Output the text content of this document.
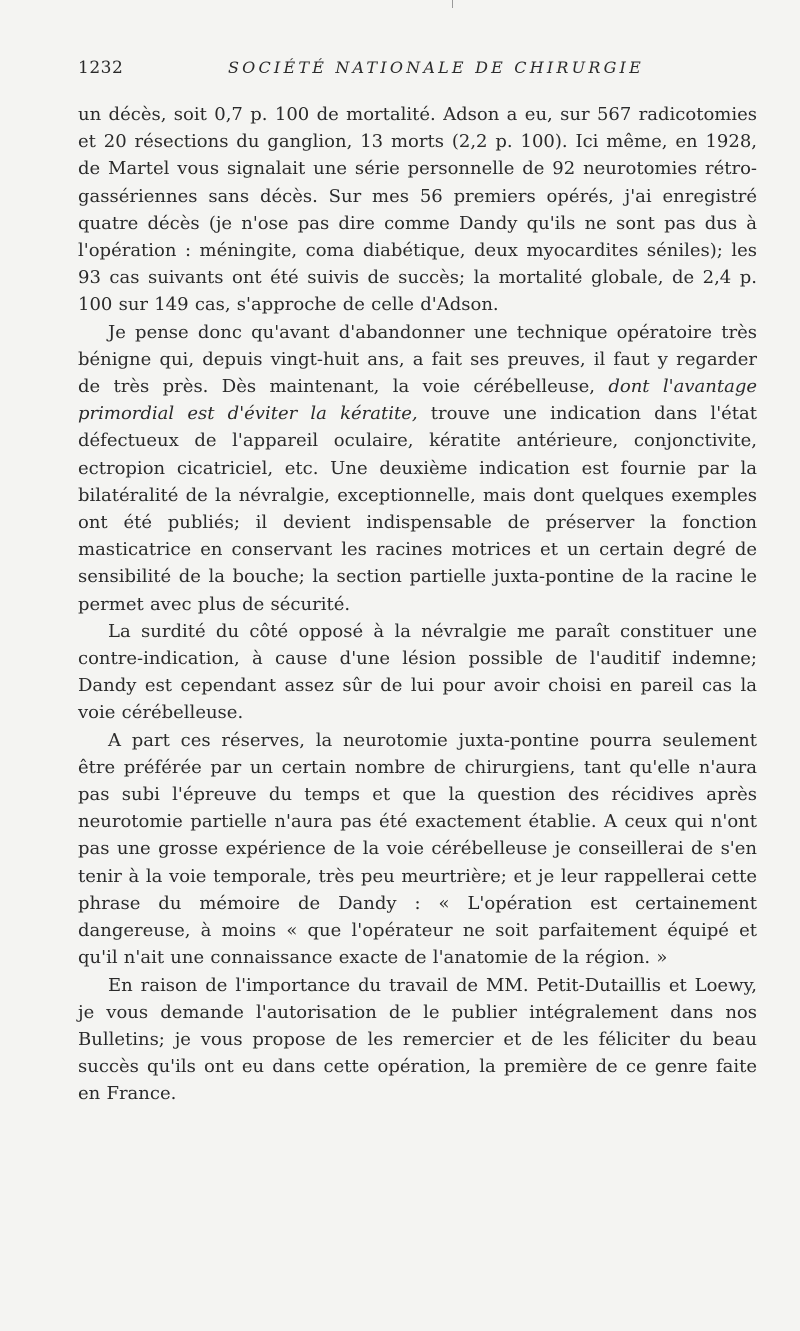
1232	SOCIÉTÉ NATIONALE DE CHIRURGIE

un décès, soit 0,7 p. 100 de mortalité. Adson a eu, sur 567 radicotomies et 20 résections du ganglion, 13 morts (2,2 p. 100). Ici même, en 1928, de Martel vous signalait une série personnelle de 92 neurotomies rétro-gassériennes sans décès. Sur mes 56 premiers opérés, j'ai enregistré quatre décès (je n'ose pas dire comme Dandy qu'ils ne sont pas dus à l'opération : méningite, coma diabétique, deux myocardites séniles); les 93 cas suivants ont été suivis de succès; la mortalité globale, de 2,4 p. 100 sur 149 cas, s'approche de celle d'Adson.

Je pense donc qu'avant d'abandonner une technique opératoire très bénigne qui, depuis vingt-huit ans, a fait ses preuves, il faut y regarder de très près. Dès maintenant, la voie cérébelleuse, dont l'avantage primordial est d'éviter la kératite, trouve une indication dans l'état défectueux de l'appareil oculaire, kératite antérieure, conjonctivite, ectropion cicatriciel, etc. Une deuxième indication est fournie par la bilatéralité de la névralgie, exceptionnelle, mais dont quelques exemples ont été publiés; il devient indispensable de préserver la fonction masticatrice en conservant les racines motrices et un certain degré de sensibilité de la bouche; la section partielle juxta-pontine de la racine le permet avec plus de sécurité.

La surdité du côté opposé à la névralgie me paraît constituer une contre-indication, à cause d'une lésion possible de l'auditif indemne; Dandy est cependant assez sûr de lui pour avoir choisi en pareil cas la voie cérébelleuse.

A part ces réserves, la neurotomie juxta-pontine pourra seulement être préférée par un certain nombre de chirurgiens, tant qu'elle n'aura pas subi l'épreuve du temps et que la question des récidives après neurotomie partielle n'aura pas été exactement établie. A ceux qui n'ont pas une grosse expérience de la voie cérébelleuse je conseillerai de s'en tenir à la voie temporale, très peu meurtrière; et je leur rappellerai cette phrase du mémoire de Dandy : « L'opération est certainement dangereuse, à moins « que l'opérateur ne soit parfaitement équipé et qu'il n'ait une connaissance exacte de l'anatomie de la région. »

En raison de l'importance du travail de MM. Petit-Dutaillis et Loewy, je vous demande l'autorisation de le publier intégralement dans nos Bulletins; je vous propose de les remercier et de les féliciter du beau succès qu'ils ont eu dans cette opération, la première de ce genre faite en France.
